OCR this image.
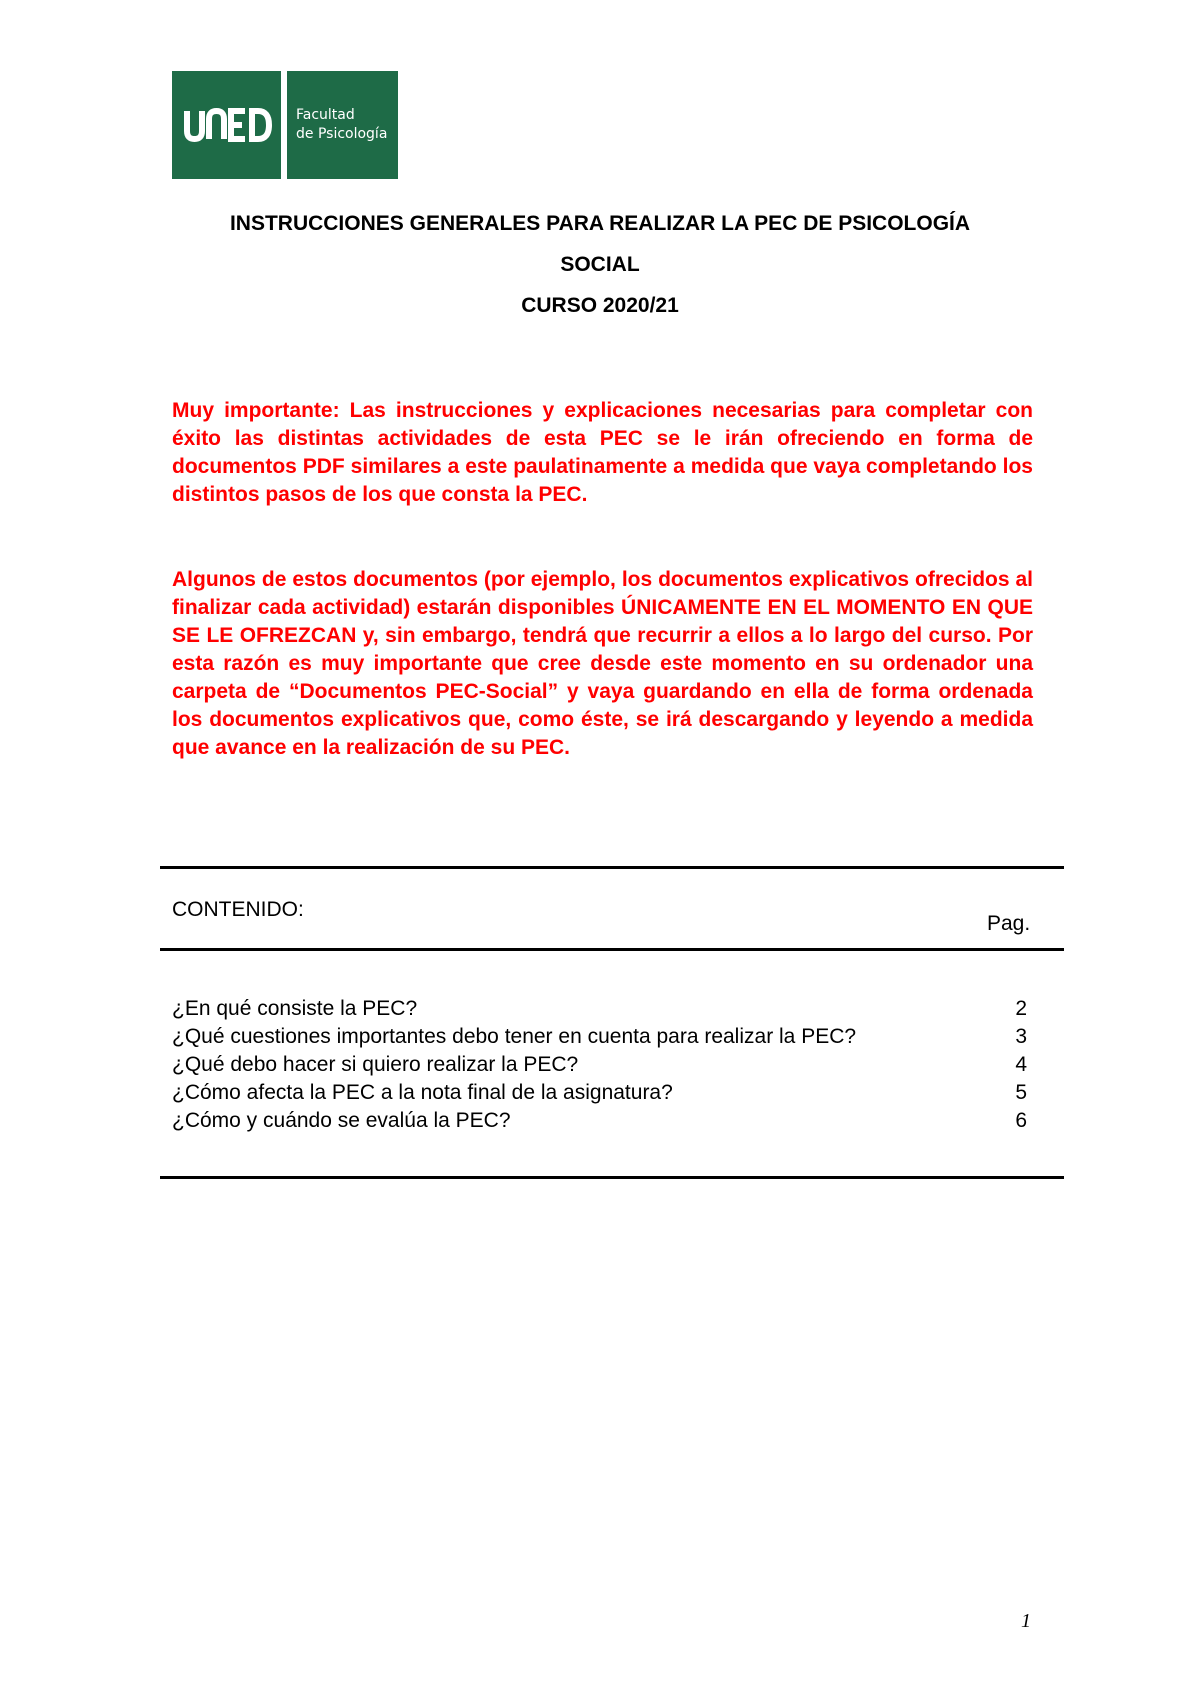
Facultad
de Psicología
INSTRUCCIONES GENERALES PARA REALIZAR LA PEC DE PSICOLOGÍA
SOCIAL
CURSO 2020/21

Muy importante: Las instrucciones y explicaciones necesarias para completar con éxito las distintas actividades de esta PEC se le irán ofreciendo en forma de documentos PDF similares a este paulatinamente a medida que vaya completando los distintos pasos de los que consta la PEC.

Algunos de estos documentos (por ejemplo, los documentos explicativos ofrecidos al finalizar cada actividad) estarán disponibles ÚNICAMENTE EN EL MOMENTO EN QUE SE LE OFREZCAN y, sin embargo, tendrá que recurrir a ellos a lo largo del curso. Por esta razón es muy importante que cree desde este momento en su ordenador una carpeta de “Documentos PEC-Social” y vaya guardando en ella de forma ordenada los documentos explicativos que, como éste, se irá descargando y leyendo a medida que avance en la realización de su PEC.

CONTENIDO:
Pag.
¿En qué consiste la PEC?	2
¿Qué cuestiones importantes debo tener en cuenta para realizar la PEC?	3
¿Qué debo hacer si quiero realizar la PEC?	4
¿Cómo afecta la PEC a la nota final de la asignatura?	5
¿Cómo y cuándo se evalúa la PEC?	6
1
